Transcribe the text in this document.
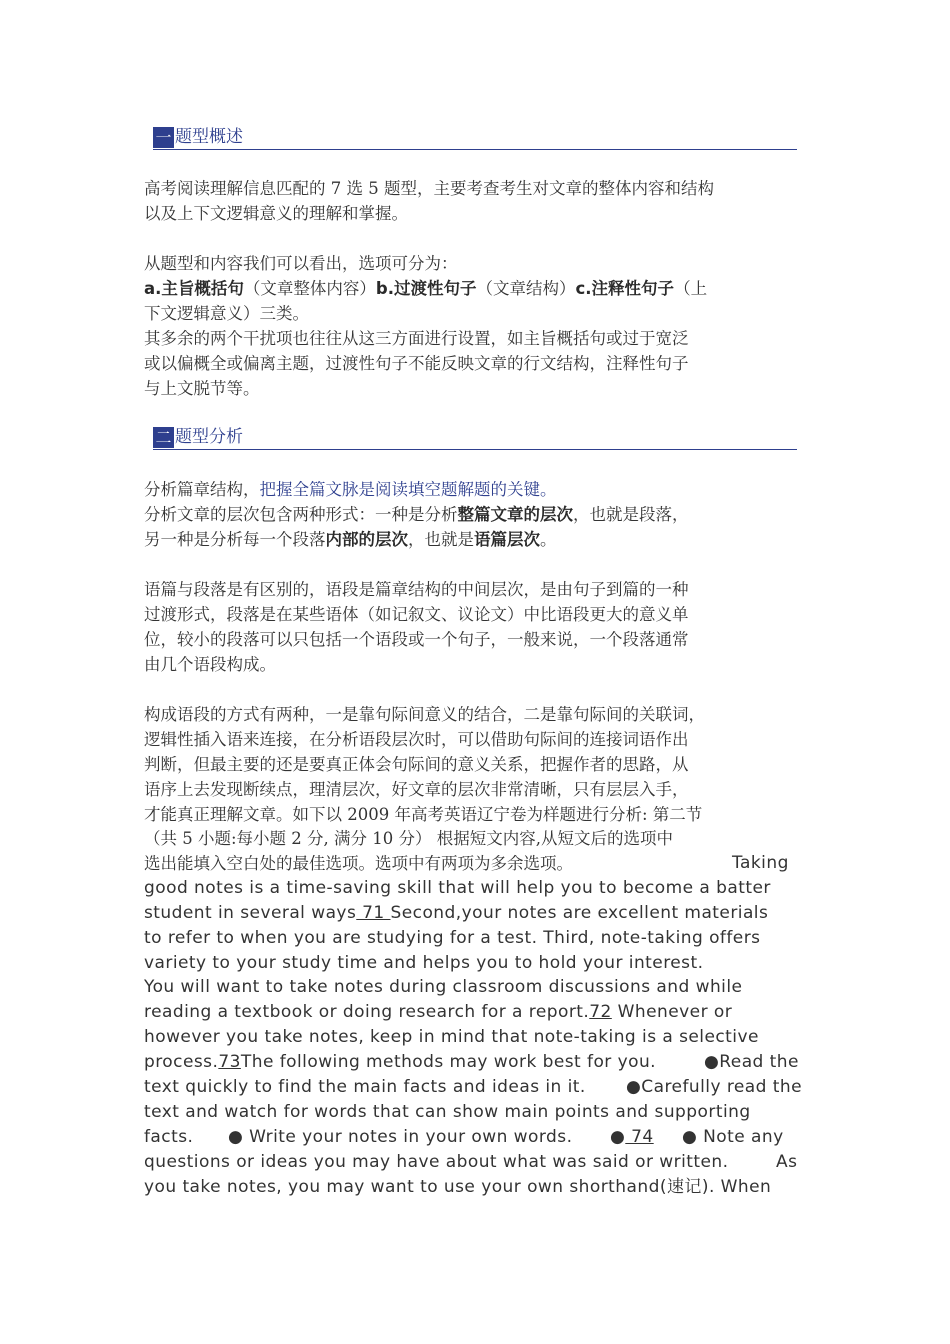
一 题型概述
高考阅读理解信息匹配的 7 选 5 题型，主要考查考生对文章的整体内容和结构
以及上下文逻辑意义的理解和掌握。
从题型和内容我们可以看出，选项可分为：
a.主旨概括句（文章整体内容）b.过渡性句子（文章结构）c.注释性句子（上
下文逻辑意义）三类。
其多余的两个干扰项也往往从这三方面进行设置，如主旨概括句或过于宽泛
或以偏概全或偏离主题，过渡性句子不能反映文章的行文结构，注释性句子
与上文脱节等。
二 题型分析
分析篇章结构，把握全篇文脉是阅读填空题解题的关键。
分析文章的层次包含两种形式：一种是分析整篇文章的层次，也就是段落，
另一种是分析每一个段落内部的层次，也就是语篇层次。
语篇与段落是有区别的，语段是篇章结构的中间层次，是由句子到篇的一种
过渡形式，段落是在某些语体（如记叙文、议论文）中比语段更大的意义单
位，较小的段落可以只包括一个语段或一个句子，一般来说，一个段落通常
由几个语段构成。
构成语段的方式有两种，一是靠句际间意义的结合，二是靠句际间的关联词，
逻辑性插入语来连接，在分析语段层次时，可以借助句际间的连接词语作出
判断，但最主要的还是要真正体会句际间的意义关系，把握作者的思路，从
语序上去发现断续点，理清层次，好文章的层次非常清晰，只有层层入手，
才能真正理解文章。如下以 2009 年高考英语辽宁卷为样题进行分析: 第二节
（共 5 小题:每小题 2 分, 满分 10 分） 根据短文内容,从短文后的选项中
选出能填入空白处的最佳选项。选项中有两项为多余选项。	Taking
good notes is a time-saving skill that will help you to become a batter
student in several ways 71 Second,your notes are excellent materials
to refer to when you are studying for a test. Third, note-taking offers
variety to your study time and helps you to hold your interest.
You will want to take notes during classroom discussions and while
reading a textbook or doing research for a report.72 Whenever or
however you take notes, keep in mind that note-taking is a selective
process.73The following methods may work best for you.	●Read the
text quickly to find the main facts and ideas in it. ●Carefully read the
text and watch for words that can show main points and supporting
facts. ● Write your notes in your own words. ● 74 ● Note any
questions or ideas you may have about what was said or written.	As
you take notes, you may want to use your own shorthand(速记). When
